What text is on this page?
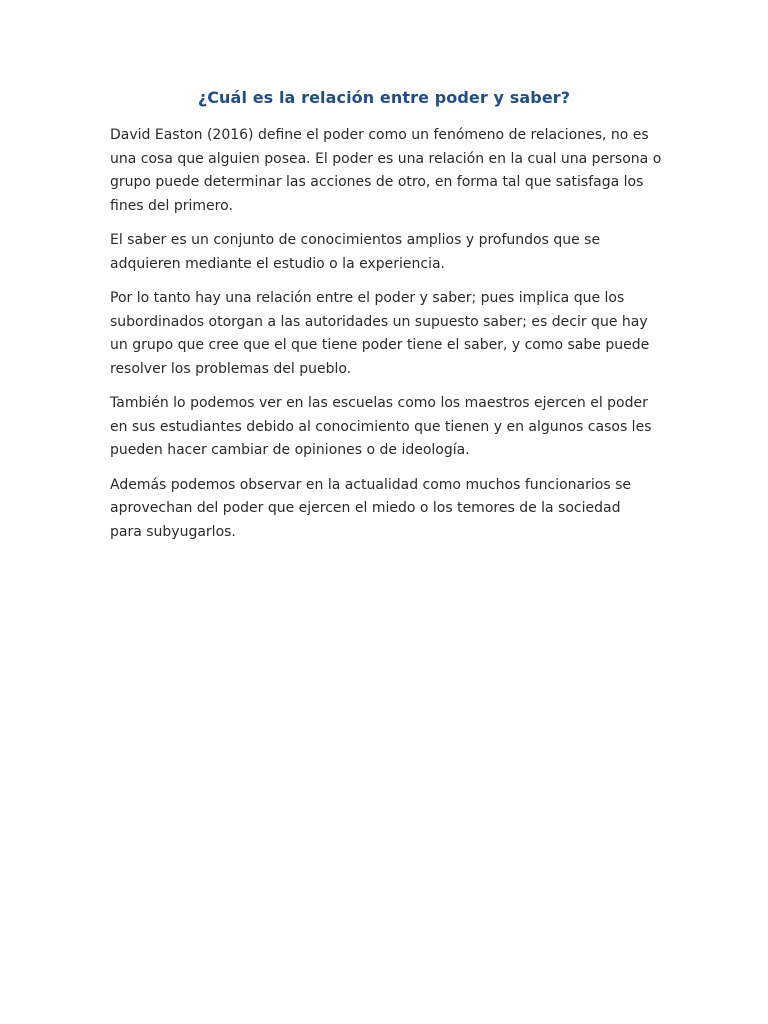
¿Cuál es la relación entre poder y saber?

David Easton (2016) define el poder como un fenómeno de relaciones, no es
una cosa que alguien posea. El poder es una relación en la cual una persona o
grupo puede determinar las acciones de otro, en forma tal que satisfaga los
fines del primero.

El saber es un conjunto de conocimientos amplios y profundos que se
adquieren mediante el estudio o la experiencia.

Por lo tanto hay una relación entre el poder y saber; pues implica que los
subordinados otorgan a las autoridades un supuesto saber; es decir que hay
un grupo que cree que el que tiene poder tiene el saber, y como sabe puede
resolver los problemas del pueblo.

También lo podemos ver en las escuelas como los maestros ejercen el poder
en sus estudiantes debido al conocimiento que tienen y en algunos casos les
pueden hacer cambiar de opiniones o de ideología.

Además podemos observar en la actualidad como muchos funcionarios se
aprovechan del poder que ejercen el miedo o los temores de la sociedad
para subyugarlos.
